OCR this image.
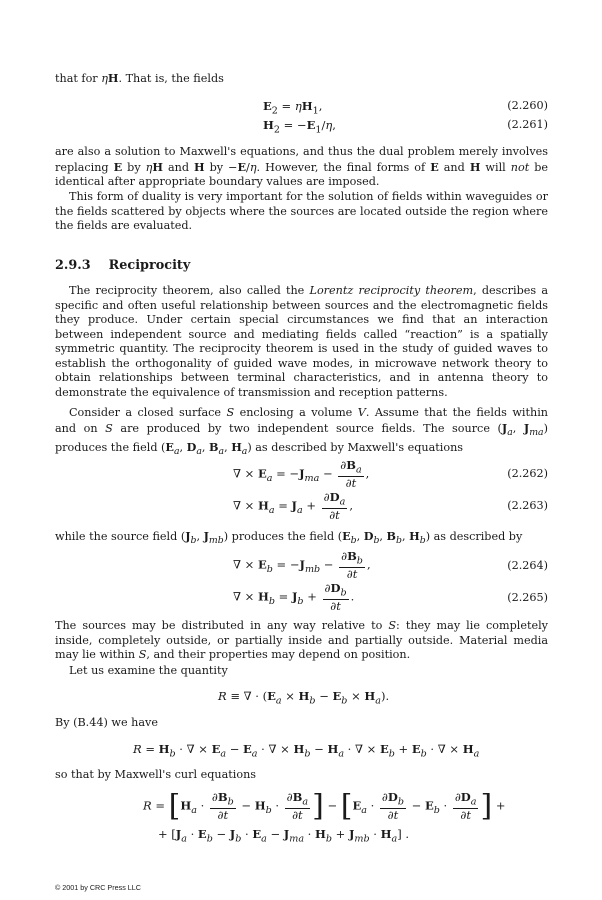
that for ηH. That is, the fields
$E_2 = \eta H_1$,	(2.260)
$H_2 = -E_1/\eta$,	(2.261)
are also a solution to Maxwell's equations, and thus the dual problem merely involves replacing E by ηH and H by −E/η. However, the final forms of E and H will not be identical after appropriate boundary values are imposed.
This form of duality is very important for the solution of fields within waveguides or the fields scattered by objects where the sources are located outside the region where the fields are evaluated.
2.9.3 Reciprocity
The reciprocity theorem, also called the Lorentz reciprocity theorem, describes a specific and often useful relationship between sources and the electromagnetic fields they produce. Under certain special circumstances we find that an interaction between independent source and mediating fields called “reaction” is a spatially symmetric quantity. The reciprocity theorem is used in the study of guided waves to establish the orthogonality of guided wave modes, in microwave network theory to obtain relationships between terminal characteristics, and in antenna theory to demonstrate the equivalence of transmission and reception patterns.
Consider a closed surface S enclosing a volume V. Assume that the fields within and on S are produced by two independent source fields. The source ($J_a$, $J_{ma}$) produces the field ($E_a$, $D_a$, $B_a$, $H_a$) as described by Maxwell's equations
∇ × $E_a = -J_{ma} - \frac{\partial B_a}{\partial t}$ ,	(2.262)
∇ × $H_a = J_a + \frac{\partial D_a}{\partial t}$ ,	(2.263)
while the source field ($J_b$, $J_{mb}$) produces the field ($E_b$, $D_b$, $B_b$, $H_b$) as described by
∇ × $E_b = -J_{mb} - \frac{\partial B_b}{\partial t}$ ,	(2.264)
∇ × $H_b = J_b + \frac{\partial D_b}{\partial t}$ .	(2.265)
The sources may be distributed in any way relative to S: they may lie completely inside, completely outside, or partially inside and partially outside. Material media may lie within S, and their properties may depend on position.
Let us examine the quantity
R ≡ ∇ · $(E_a \times H_b - E_b \times H_a)$.
By (B.44) we have
$R = H_b$ · ∇ × $E_a - E_a$ · ∇ × $H_b - H_a$ · ∇ × $E_b + E_b$ · ∇ × $H_a$
so that by Maxwell's curl equations
$R = [H_a \cdot \frac{\partial B_b}{\partial t} - H_b \cdot \frac{\partial B_a}{\partial t}$ ] − [$E_a \cdot \frac{\partial D_b}{\partial t} - E_b \cdot \frac{\partial D_a}{\partial t}$ ] +
+ $[J_a \cdot E_b - J_b \cdot E_a - J_{ma} \cdot H_b + J_{mb} \cdot H_a]$ .
© 2001 by CRC Press LLC
